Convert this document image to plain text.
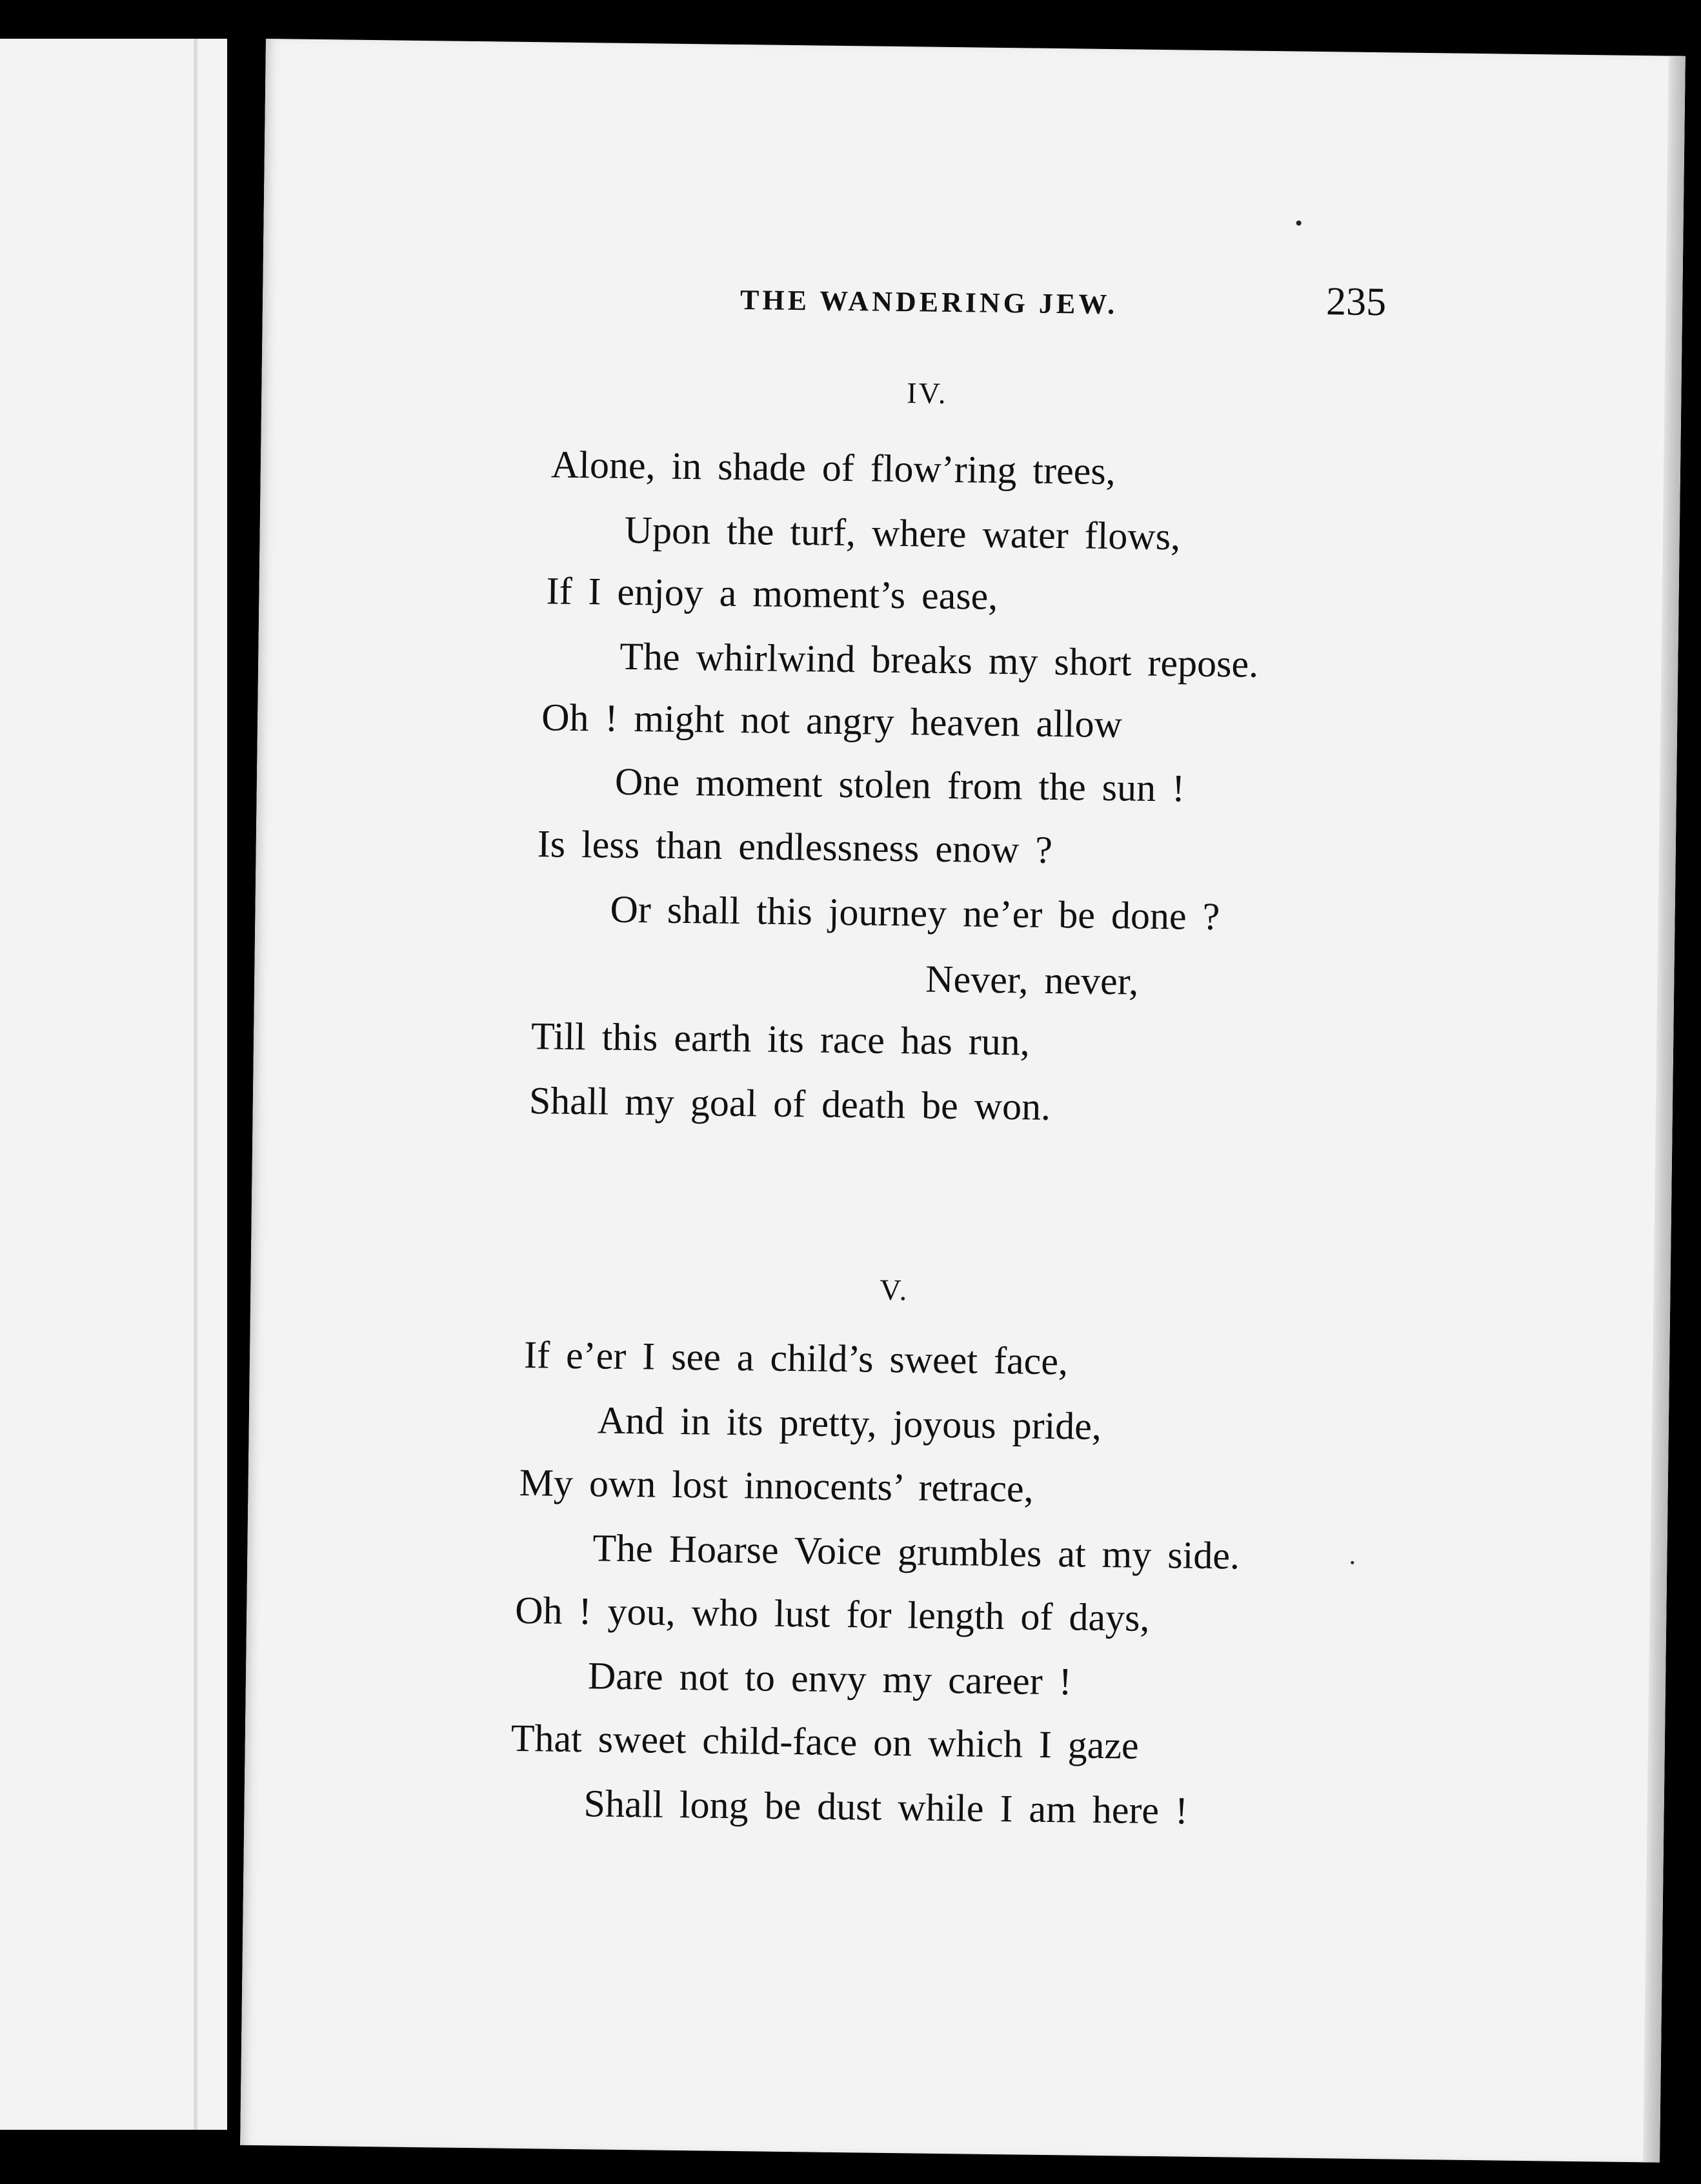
THE WANDERING JEW.	235
IV.
Alone, in shade of flow’ring trees,
Upon the turf, where water flows,
If I enjoy a moment’s ease,
The whirlwind breaks my short repose.
Oh ! might not angry heaven allow
One moment stolen from the sun !
Is less than endlessness enow ?
Or shall this journey ne’er be done ?
Never, never,
Till this earth its race has run,
Shall my goal of death be won.
V.
If e’er I see a child’s sweet face,
And in its pretty, joyous pride,
My own lost innocents’ retrace,
The Hoarse Voice grumbles at my side.
Oh ! you, who lust for length of days,
Dare not to envy my career !
That sweet child-face on which I gaze
Shall long be dust while I am here !
